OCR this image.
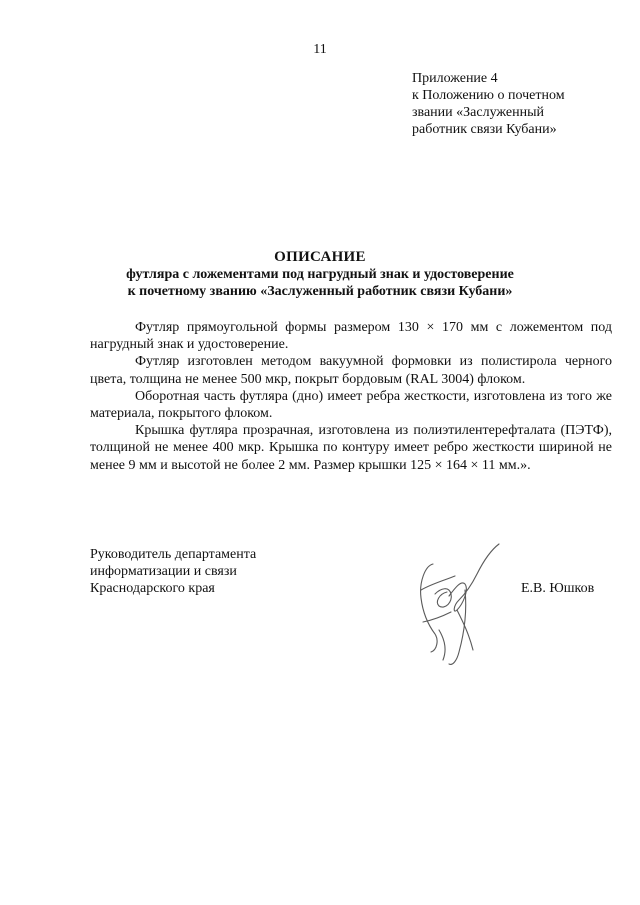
11
Приложение 4
к Положению о почетном
звании «Заслуженный
работник связи Кубани»
ОПИСАНИЕ
футляра с ложементами под нагрудный знак и удостоверение
к почетному званию «Заслуженный работник связи Кубани»

Футляр прямоугольной формы размером 130 × 170 мм с ложементом под нагрудный знак и удостоверение.

Футляр изготовлен методом вакуумной формовки из полистирола черного цвета, толщина не менее 500 мкр, покрыт бордовым (RAL 3004) флоком.

Оборотная часть футляра (дно) имеет ребра жесткости, изготовлена из того же материала, покрытого флоком.

Крышка футляра прозрачная, изготовлена из полиэтилентерефталата (ПЭТФ), толщиной не менее 400 мкр. Крышка по контуру имеет ребро жесткости шириной не менее 9 мм и высотой не более 2 мм. Размер крышки 125 × 164 × 11 мм.».

Руководитель департамента
информатизации и связи
Краснодарского края	Е.В. Юшков
